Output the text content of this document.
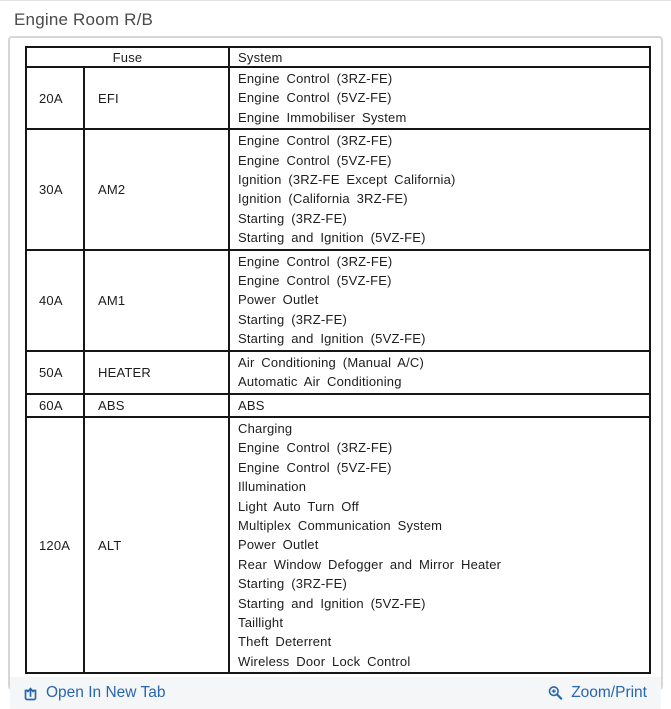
Engine Room R/B
Fuse		System
20A	EFI	Engine Control (3RZ-FE)
Engine Control (5VZ-FE)
Engine Immobiliser System

30A	AM2	
Engine Control (3RZ-FE)
Engine Control (5VZ-FE)
Ignition (3RZ-FE Except California)
Ignition (California 3RZ-FE)
Starting (3RZ-FE)
Starting and Ignition (5VZ-FE)

40A	AM1	Engine Control (3RZ-FE)
Engine Control (5VZ-FE)
Power Outlet
Starting (3RZ-FE)
Starting and Ignition (5VZ-FE)

50A	HEATER	Air Conditioning (Manual A/C)
Automatic Air Conditioning

60A	ABS	ABS

120A	ALT	
Charging
Engine Control (3RZ-FE)
Engine Control (5VZ-FE)
Illumination
Light Auto Turn Off
Multiplex Communication System
Power Outlet
Rear Window Defogger and Mirror Heater
Starting (3RZ-FE)
Starting and Ignition (5VZ-FE)
Taillight
Theft Deterrent
Wireless Door Lock Control
Open In New Tab	Zoom/Print
